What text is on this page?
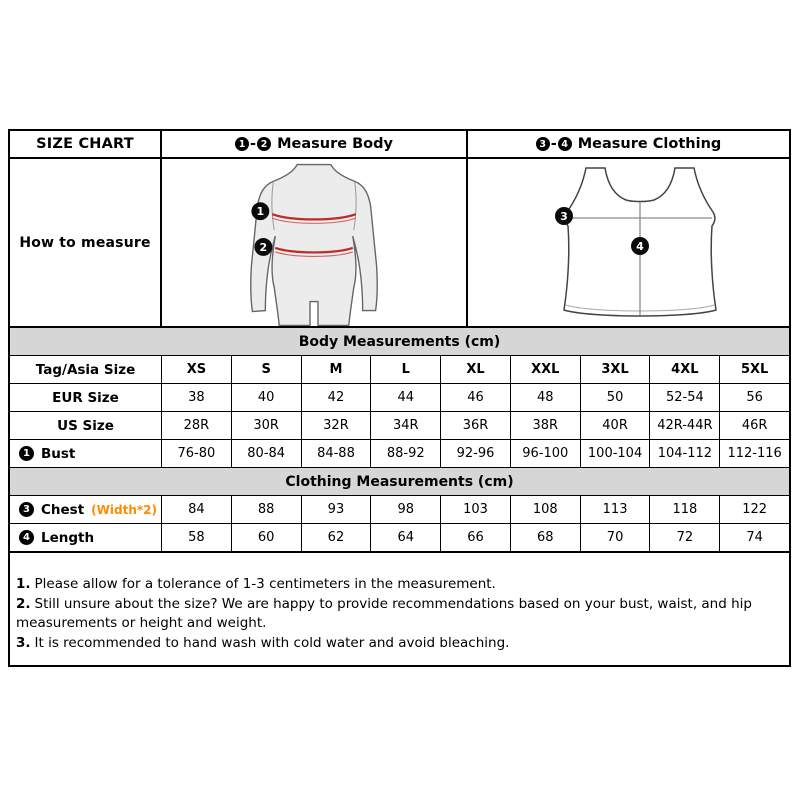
SIZE CHART	1 - 2 Measure Body	3 - 4 Measure Clothing
How to measure
1
2
3
4
Body Measurements (cm)
Tag/Asia Size	XS	S	M	L	XL	XXL	3XL	4XL	5XL
EUR Size	38	40	42	44	46	48	50	52-54	56
US Size	28R	30R	32R	34R	36R	38R	40R	42R-44R	46R
1 Bust	76-80	80-84	84-88	88-92	92-96	96-100	100-104	104-112	112-116
Clothing Measurements (cm)
3 Chest (Width*2)	84	88	93	98	103	108	113	118	122
4 Length	58	60	62	64	66	68	70	72	74

1. Please allow for a tolerance of 1-3 centimeters in the measurement.

2. Still unsure about the size? We are happy to provide recommendations based on your bust, waist, and hip measurements or height and weight.

3. It is recommended to hand wash with cold water and avoid bleaching.
